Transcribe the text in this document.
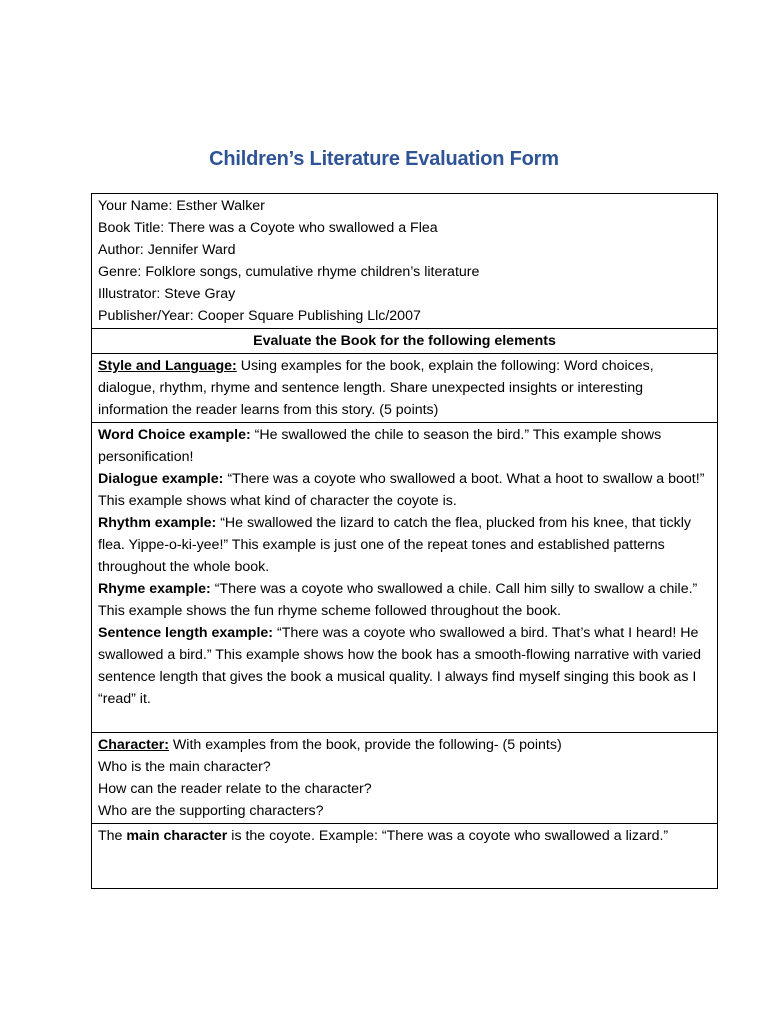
Children’s Literature Evaluation Form
Your Name: Esther Walker
Book Title: There was a Coyote who swallowed a Flea
Author: Jennifer Ward
Genre: Folklore songs, cumulative rhyme children’s literature
Illustrator: Steve Gray
Publisher/Year: Cooper Square Publishing Llc/2007

Evaluate the Book for the following elements

Style and Language: Using examples for the book, explain the following: Word choices, dialogue, rhythm, rhyme and sentence length. Share unexpected insights or interesting information the reader learns from this story. (5 points)

Word Choice example: “He swallowed the chile to season the bird.” This example shows personification!
Dialogue example: “There was a coyote who swallowed a boot. What a hoot to swallow a boot!” This example shows what kind of character the coyote is.
Rhythm example: “He swallowed the lizard to catch the flea, plucked from his knee, that tickly flea. Yippe-o-ki-yee!” This example is just one of the repeat tones and established patterns throughout the whole book.
Rhyme example: “There was a coyote who swallowed a chile. Call him silly to swallow a chile.” This example shows the fun rhyme scheme followed throughout the book.
Sentence length example: “There was a coyote who swallowed a bird. That’s what I heard! He swallowed a bird.” This example shows how the book has a smooth-flowing narrative with varied sentence length that gives the book a musical quality. I always find myself singing this book as I “read” it.

Character: With examples from the book, provide the following- (5 points)
Who is the main character?
How can the reader relate to the character?
Who are the supporting characters?

The main character is the coyote. Example: “There was a coyote who swallowed a lizard.”
